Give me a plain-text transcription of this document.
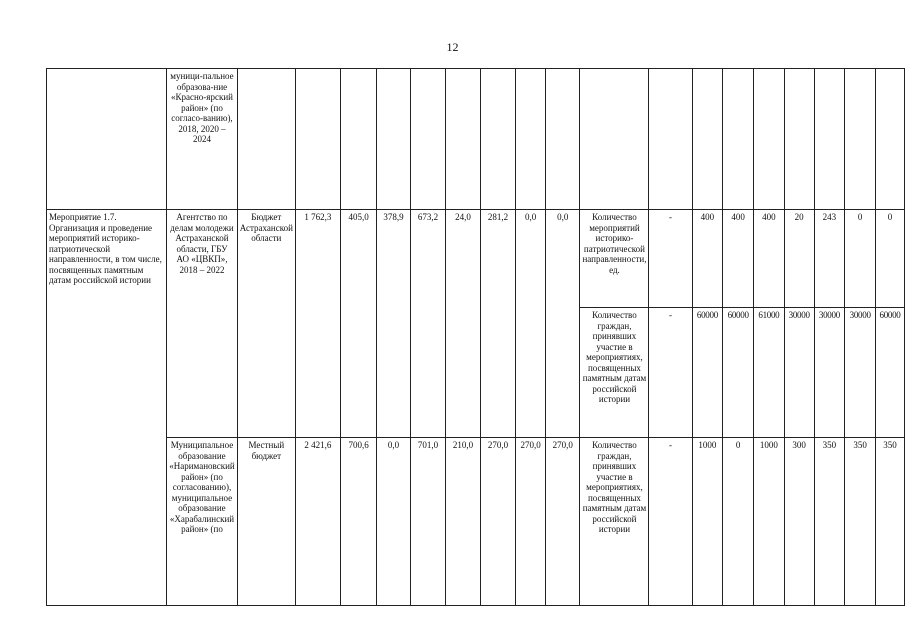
12
	муници-пальное образова-ние «Красно-ярский район» (по согласо-ванию), 2018, 2020 – 2024																		
Мероприятие 1.7. Организация и проведение мероприятий историко-патриотической направленности, в том числе, посвященных памятным датам российской истории	Агентство по делам молодежи Астраханской области, ГБУ АО «ЦВКП», 2018 – 2022	Бюджет Астраханской области	1 762,3	405,0	378,9	673,2	24,0	281,2	0,0	0,0	Количество мероприятий историко-патриотической направленности, ед.	-	400	400	400	20	243	0	0
											Количество граждан, принявших участие в мероприятиях, посвященных памятным датам российской истории	-	60000	60000	61000	30000	30000	30000	60000
	Муниципальное образование «Наримановский район» (по согласованию), муниципальное образование «Харабалинский район» (по	Местный бюджет	2 421,6	700,6	0,0	701,0	210,0	270,0	270,0	270,0	Количество граждан, принявших участие в мероприятиях, посвященных памятным датам российской истории	-	1000	0	1000	300	350	350	350
